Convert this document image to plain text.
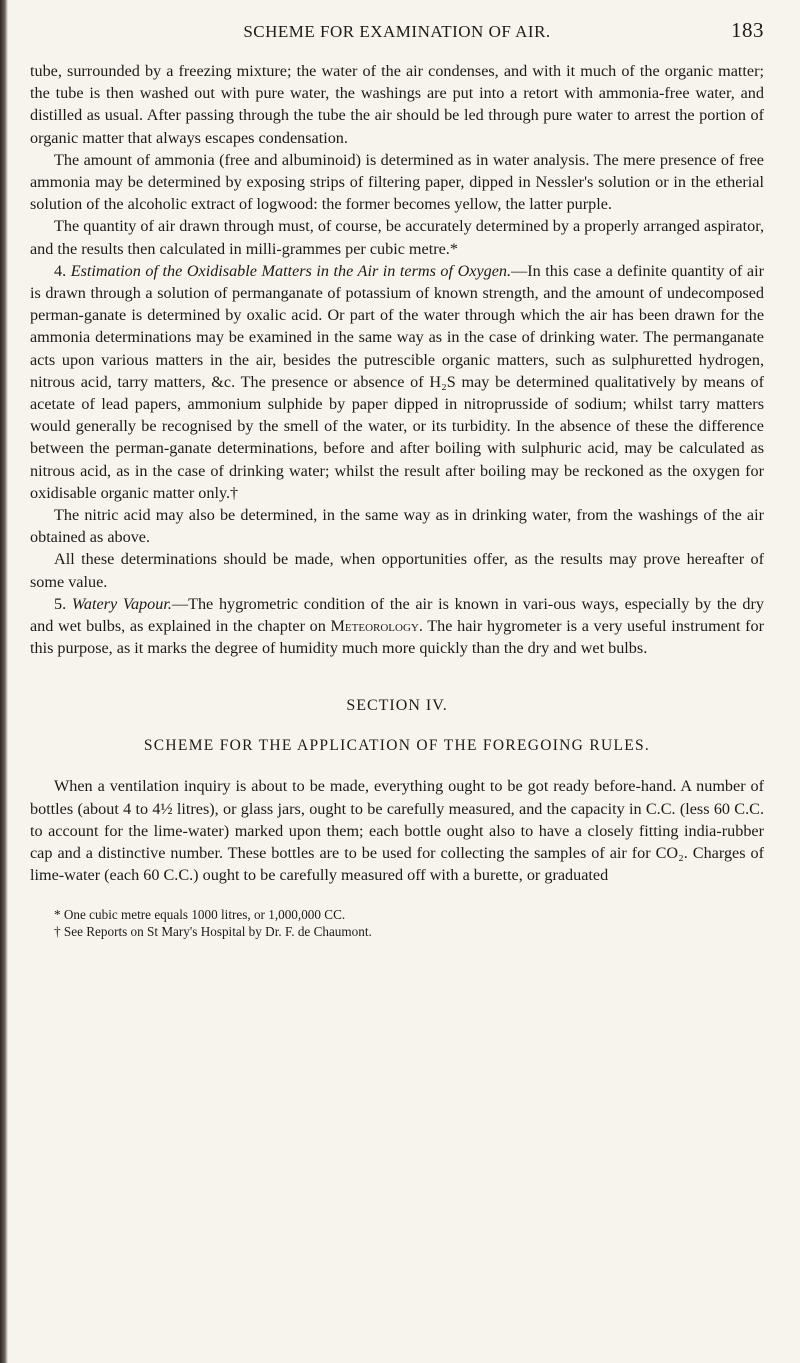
SCHEME FOR EXAMINATION OF AIR.	183

tube, surrounded by a freezing mixture; the water of the air condenses, and with it much of the organic matter; the tube is then washed out with pure water, the washings are put into a retort with ammonia-free water, and distilled as usual. After passing through the tube the air should be led through pure water to arrest the portion of organic matter that always escapes condensation.

The amount of ammonia (free and albuminoid) is determined as in water analysis. The mere presence of free ammonia may be determined by exposing strips of filtering paper, dipped in Nessler's solution or in the etherial solution of the alcoholic extract of logwood: the former becomes yellow, the latter purple.

The quantity of air drawn through must, of course, be accurately determined by a properly arranged aspirator, and the results then calculated in milli-grammes per cubic metre.*

4. Estimation of the Oxidisable Matters in the Air in terms of Oxygen.—In this case a definite quantity of air is drawn through a solution of permanganate of potassium of known strength, and the amount of undecomposed perman-ganate is determined by oxalic acid. Or part of the water through which the air has been drawn for the ammonia determinations may be examined in the same way as in the case of drinking water. The permanganate acts upon various matters in the air, besides the putrescible organic matters, such as sulphuretted hydrogen, nitrous acid, tarry matters, &c. The presence or absence of H₂S may be determined qualitatively by means of acetate of lead papers, ammonium sulphide by paper dipped in nitroprusside of sodium; whilst tarry matters would generally be recognised by the smell of the water, or its turbidity. In the absence of these the difference between the perman-ganate determinations, before and after boiling with sulphuric acid, may be calculated as nitrous acid, as in the case of drinking water; whilst the result after boiling may be reckoned as the oxygen for oxidisable organic matter only.†

The nitric acid may also be determined, in the same way as in drinking water, from the washings of the air obtained as above.

All these determinations should be made, when opportunities offer, as the results may prove hereafter of some value.

5. Watery Vapour.—The hygrometric condition of the air is known in vari-ous ways, especially by the dry and wet bulbs, as explained in the chapter on Meteorology. The hair hygrometer is a very useful instrument for this purpose, as it marks the degree of humidity much more quickly than the dry and wet bulbs.

SECTION IV.
SCHEME FOR THE APPLICATION OF THE FOREGOING RULES.

When a ventilation inquiry is about to be made, everything ought to be got ready before-hand. A number of bottles (about 4 to 4½ litres), or glass jars, ought to be carefully measured, and the capacity in C.C. (less 60 C.C. to account for the lime-water) marked upon them; each bottle ought also to have a closely fitting india-rubber cap and a distinctive number. These bottles are to be used for collecting the samples of air for CO₂. Charges of lime-water (each 60 C.C.) ought to be carefully measured off with a burette, or graduated

* One cubic metre equals 1000 litres, or 1,000,000 CC.

† See Reports on St Mary's Hospital by Dr. F. de Chaumont.
